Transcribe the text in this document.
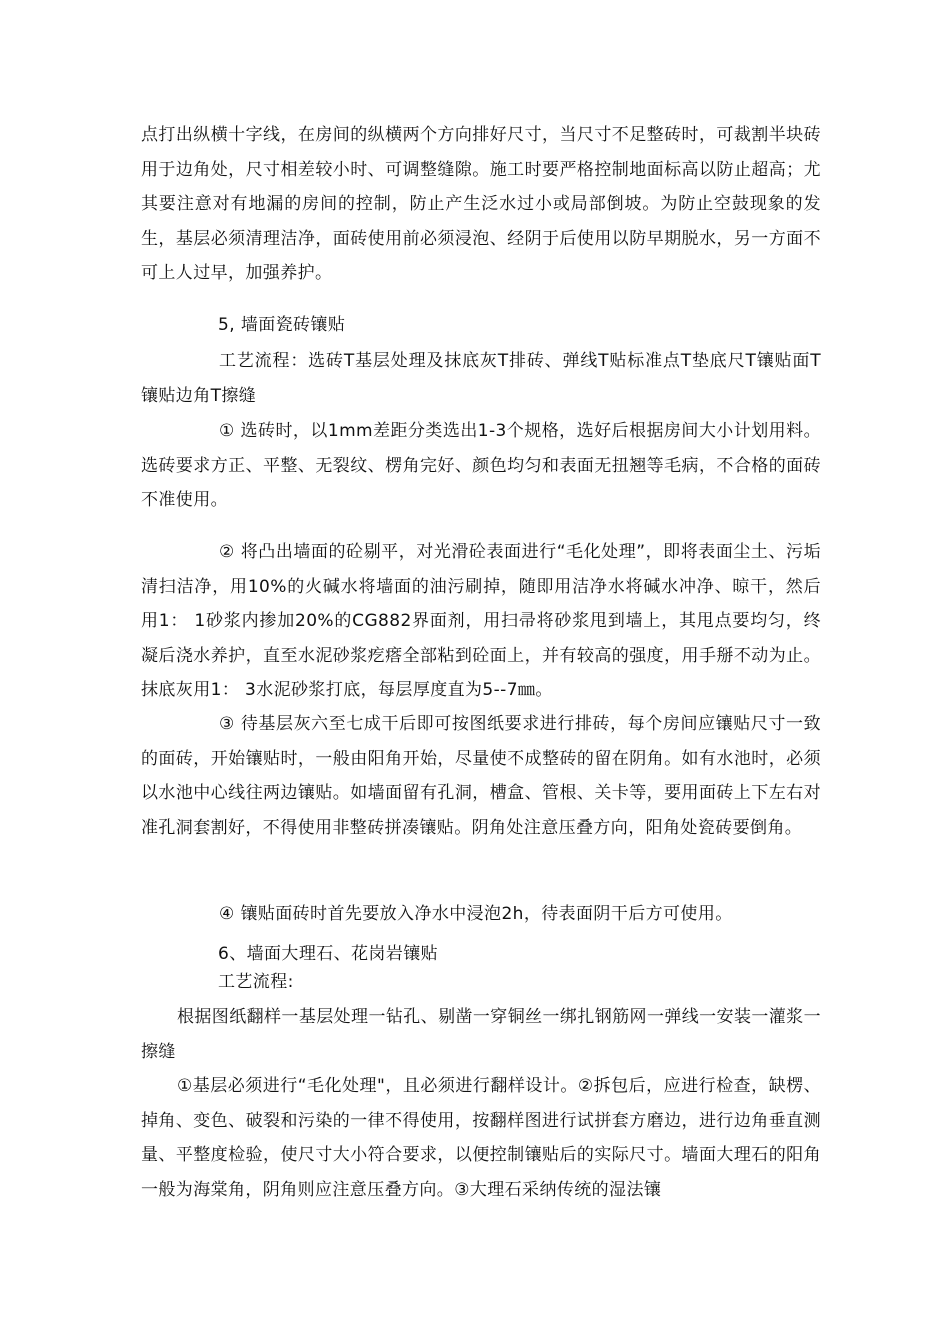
点打出纵横十字线，在房间的纵横两个方向排好尺寸，当尺寸不足整砖时，可裁割半块砖用于边角处，尺寸相差较小时、可调整缝隙。施工时要严格控制地面标高以防止超高；尤其要注意对有地漏的房间的控制，防止产生泛水过小或局部倒坡。为防止空鼓现象的发生，基层必须清理洁净，面砖使用前必须浸泡、经阴于后使用以防早期脱水，另一方面不可上人过早，加强养护。

5, 墙面瓷砖镶贴

工艺流程：选砖T基层处理及抹底灰T排砖、弹线T贴标准点T垫底尺T镶贴面T镶贴边角T擦缝

① 选砖时，以1mm差距分类选出1-3个规格，选好后根据房间大小计划用料。选砖要求方正、平整、无裂纹、楞角完好、颜色均匀和表面无扭翘等毛病，不合格的面砖不准使用。

② 将凸出墙面的砼剔平，对光滑砼表面进行“毛化处理”，即将表面尘土、污垢清扫洁净，用10%的火碱水将墙面的油污刷掉，随即用洁净水将碱水冲净、晾干，然后用1： 1砂浆内掺加20%的CG882界面剂，用扫帚将砂浆甩到墙上，其甩点要均匀，终凝后浇水养护，直至水泥砂浆疙瘩全部粘到砼面上，并有较高的强度，用手掰不动为止。抹底灰用1： 3水泥砂浆打底，每层厚度直为5--7㎜。

③ 待基层灰六至七成干后即可按图纸要求进行排砖，每个房间应镶贴尺寸一致的面砖，开始镶贴时，一般由阳角开始，尽量使不成整砖的留在阴角。如有水池时，必须以水池中心线往两边镶贴。如墙面留有孔洞，槽盒、管根、关卡等，要用面砖上下左右对准孔洞套割好，不得使用非整砖拼凑镶贴。阴角处注意压叠方向，阳角处瓷砖要倒角。

④ 镶贴面砖时首先要放入净水中浸泡2h，待表面阴干后方可使用。

6、墙面大理石、花岗岩镶贴

工艺流程:

根据图纸翻样一基层处理一钻孔、剔凿一穿铜丝一绑扎钢筋网一弹线一安装一灌浆一擦缝

①基层必须进行“毛化处理"，且必须进行翻样设计。②拆包后，应进行检查，缺楞、掉角、变色、破裂和污染的一律不得使用，按翻样图进行试拼套方磨边，进行边角垂直测量、平整度检验，使尺寸大小符合要求，以便控制镶贴后的实际尺寸。墙面大理石的阳角一般为海棠角，阴角则应注意压叠方向。③大理石采纳传统的湿法镶
